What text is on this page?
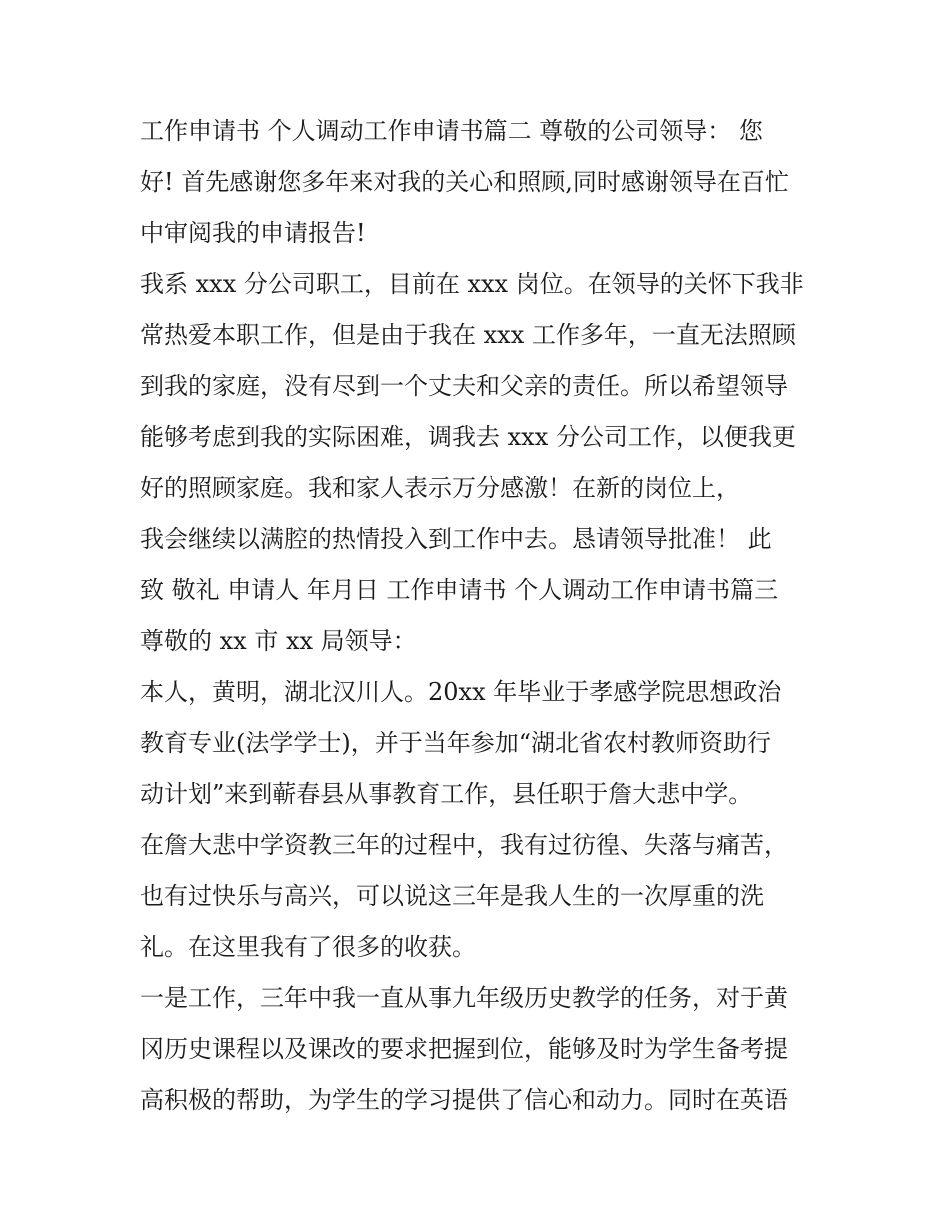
工作申请书 个人调动工作申请书篇二 尊敬的公司领导： 您
好! 首先感谢您多年来对我的关心和照顾,同时感谢领导在百忙
中审阅我的申请报告!
我系 xxx 分公司职工，目前在 xxx 岗位。在领导的关怀下我非
常热爱本职工作，但是由于我在 xxx 工作多年，一直无法照顾
到我的家庭，没有尽到一个丈夫和父亲的责任。所以希望领导
能够考虑到我的实际困难，调我去 xxx 分公司工作，以便我更
好的照顾家庭。我和家人表示万分感激！在新的岗位上，
我会继续以满腔的热情投入到工作中去。恳请领导批准！ 此
致 敬礼 申请人 年月日 工作申请书 个人调动工作申请书篇三
尊敬的 xx 市 xx 局领导：
本人，黄明，湖北汉川人。20xx 年毕业于孝感学院思想政治
教育专业(法学学士)，并于当年参加“湖北省农村教师资助行
动计划”来到蕲春县从事教育工作，县任职于詹大悲中学。
在詹大悲中学资教三年的过程中，我有过彷徨、失落与痛苦，
也有过快乐与高兴，可以说这三年是我人生的一次厚重的洗
礼。在这里我有了很多的收获。
一是工作，三年中我一直从事九年级历史教学的任务，对于黄
冈历史课程以及课改的要求把握到位，能够及时为学生备考提
高积极的帮助，为学生的学习提供了信心和动力。同时在英语
